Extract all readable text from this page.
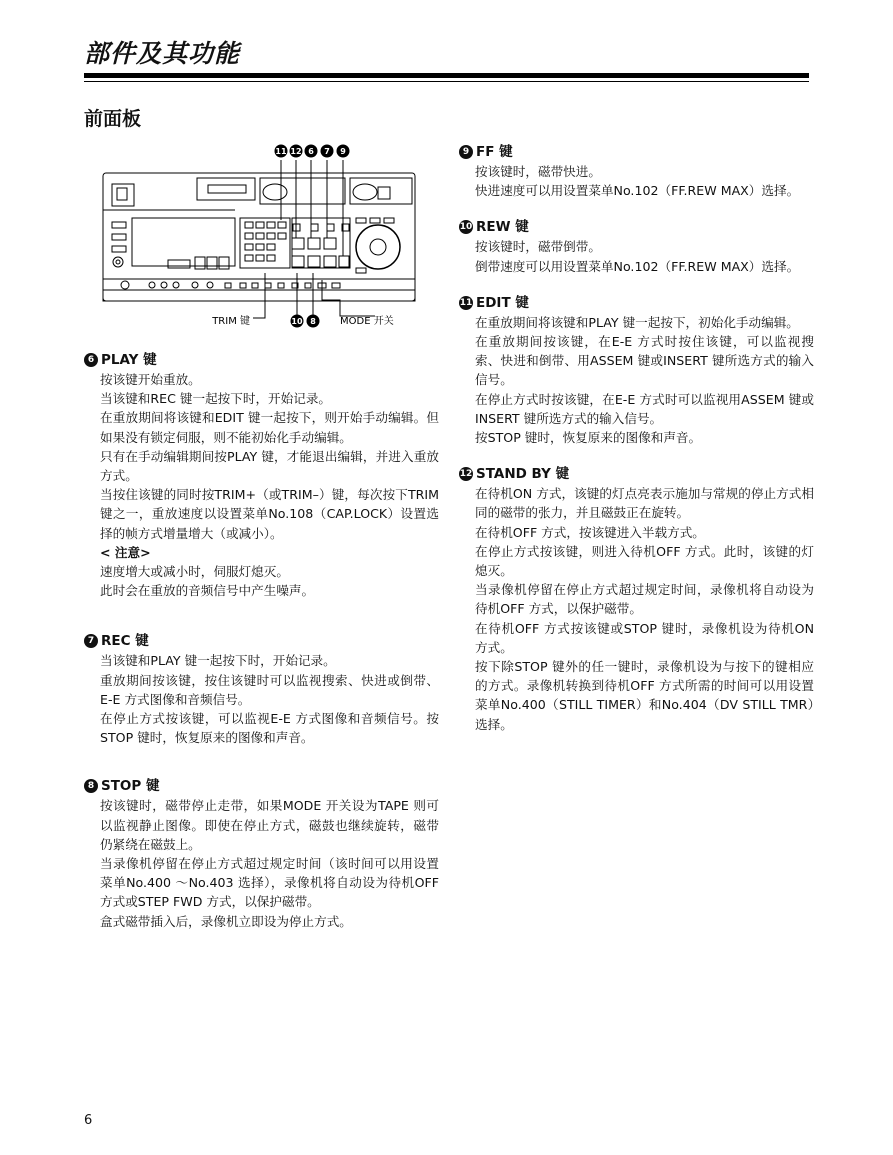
部件及其功能
前面板
11 12 6 7 9
10 8
TRIM 键	MODE 开关
6 PLAY 键

按该键开始重放。

当该键和REC 键一起按下时，开始记录。

在重放期间将该键和EDIT 键一起按下，则开始手动编辑。但如果没有锁定伺服，则不能初始化手动编辑。

只有在手动编辑期间按PLAY 键，才能退出编辑，并进入重放方式。

当按住该键的同时按TRIM+（或TRIM–）键，每次按下TRIM 键之一，重放速度以设置菜单No.108（CAP.LOCK）设置选择的帧方式增量增大（或减小）。

< 注意>

速度增大或减小时，伺服灯熄灭。

此时会在重放的音频信号中产生噪声。

7 REC 键

当该键和PLAY 键一起按下时，开始记录。

重放期间按该键，按住该键时可以监视搜索、快进或倒带、E-E 方式图像和音频信号。

在停止方式按该键，可以监视E-E 方式图像和音频信号。按STOP 键时，恢复原来的图像和声音。

8 STOP 键

按该键时，磁带停止走带，如果MODE 开关设为TAPE 则可以监视静止图像。即使在停止方式，磁鼓也继续旋转，磁带仍紧绕在磁鼓上。

当录像机停留在停止方式超过规定时间（该时间可以用设置菜单No.400 ～No.403 选择），录像机将自动设为待机OFF 方式或STEP FWD 方式，以保护磁带。

盒式磁带插入后，录像机立即设为停止方式。

9 FF 键

按该键时，磁带快进。

快进速度可以用设置菜单No.102（FF.REW MAX）选择。

10 REW 键

按该键时，磁带倒带。

倒带速度可以用设置菜单No.102（FF.REW MAX）选择。

11 EDIT 键

在重放期间将该键和PLAY 键一起按下，初始化手动编辑。

在重放期间按该键，在E-E 方式时按住该键，可以监视搜索、快进和倒带、用ASSEM 键或INSERT 键所选方式的输入信号。

在停止方式时按该键，在E-E 方式时可以监视用ASSEM 键或INSERT 键所选方式的输入信号。

按STOP 键时，恢复原来的图像和声音。

12 STAND BY 键

在待机ON 方式，该键的灯点亮表示施加与常规的停止方式相同的磁带的张力，并且磁鼓正在旋转。

在待机OFF 方式，按该键进入半载方式。

在停止方式按该键，则进入待机OFF 方式。此时，该键的灯熄灭。

当录像机停留在停止方式超过规定时间，录像机将自动设为待机OFF 方式，以保护磁带。

在待机OFF 方式按该键或STOP 键时，录像机设为待机ON 方式。

按下除STOP 键外的任一键时，录像机设为与按下的键相应的方式。录像机转换到待机OFF 方式所需的时间可以用设置菜单No.400（STILL TIMER）和No.404（DV STILL TMR）选择。

6
